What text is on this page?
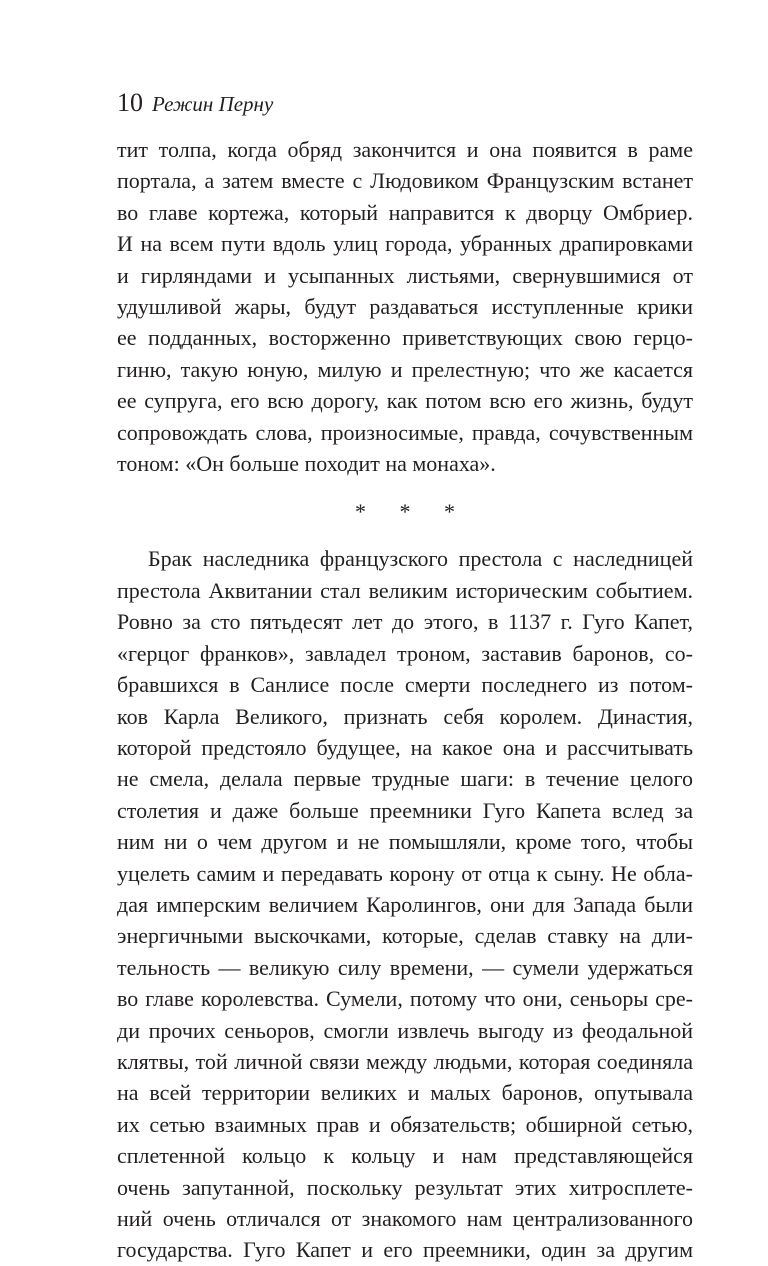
10 Режин Перну
тит толпа, когда обряд закончится и она появится в раме
портала, а затем вместе с Людовиком Французским встанет
во главе кортежа, который направится к дворцу Омбриер.
И на всем пути вдоль улиц города, убранных драпировками
и гирляндами и усыпанных листьями, свернувшимися от
удушливой жары, будут раздаваться исступленные крики
ее подданных, восторженно приветствующих свою герцо-
гиню, такую юную, милую и прелестную; что же касается
ее супруга, его всю дорогу, как потом всю его жизнь, будут
сопровождать слова, произносимые, правда, сочувственным
тоном: «Он больше походит на монаха».
* * *
Брак наследника французского престола с наследницей
престола Аквитании стал великим историческим событием.
Ровно за сто пятьдесят лет до этого, в 1137 г. Гуго Капет,
«герцог франков», завладел троном, заставив баронов, со-
бравшихся в Санлисе после смерти последнего из потом-
ков Карла Великого, признать себя королем. Династия,
которой предстояло будущее, на какое она и рассчитывать
не смела, делала первые трудные шаги: в течение целого
столетия и даже больше преемники Гуго Капета вслед за
ним ни о чем другом и не помышляли, кроме того, чтобы
уцелеть самим и передавать корону от отца к сыну. Не обла-
дая имперским величием Каролингов, они для Запада были
энергичными выскочками, которые, сделав ставку на дли-
тельность — великую силу времени, — сумели удержаться
во главе королевства. Сумели, потому что они, сеньоры сре-
ди прочих сеньоров, смогли извлечь выгоду из феодальной
клятвы, той личной связи между людьми, которая соединяла
на всей территории великих и малых баронов, опутывала
их сетью взаимных прав и обязательств; обширной сетью,
сплетенной кольцо к кольцу и нам представляющейся
очень запутанной, поскольку результат этих хитросплете-
ний очень отличался от знакомого нам централизованного
государства. Гуго Капет и его преемники, один за другим
